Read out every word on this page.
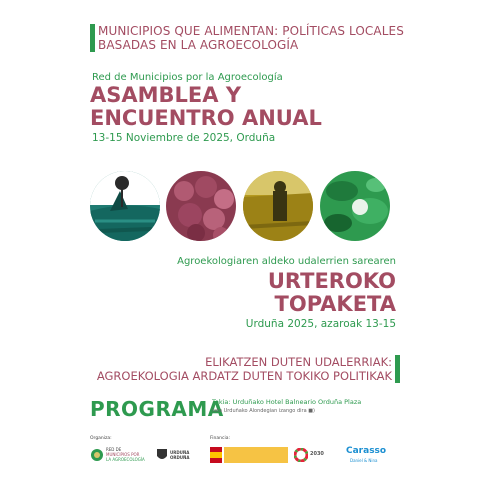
MUNICIPIOS QUE ALIMENTAN: POLÍTICAS LOCALES
BASADAS EN LA AGROECOLOGÍA
Red de Municipios por la Agroecología
ASAMBLEA Y
ENCUENTRO ANUAL
13-15 Noviembre de 2025, Orduña
Agroekologiaren aldeko udalerrien sarearen
URTEROKO
TOPAKETA
Urduña 2025, azaroak 13-15
ELIKATZEN DUTEN UDALERRIAK:
AGROEKOLOGIA ARDATZ DUTEN TOKIKO POLITIKAK
PROGRAMA
Tokia: Urduñako Hotel Balneario Orduña Plaza
(eta Urduñako Alondegian izango dira ■)
Organiza:	Financia:
RED DE
MUNICIPIOS POR
LA AGROECOLOGÍA
URDUÑA
ORDUÑA
2030 Carasso
Daniel & Nina
